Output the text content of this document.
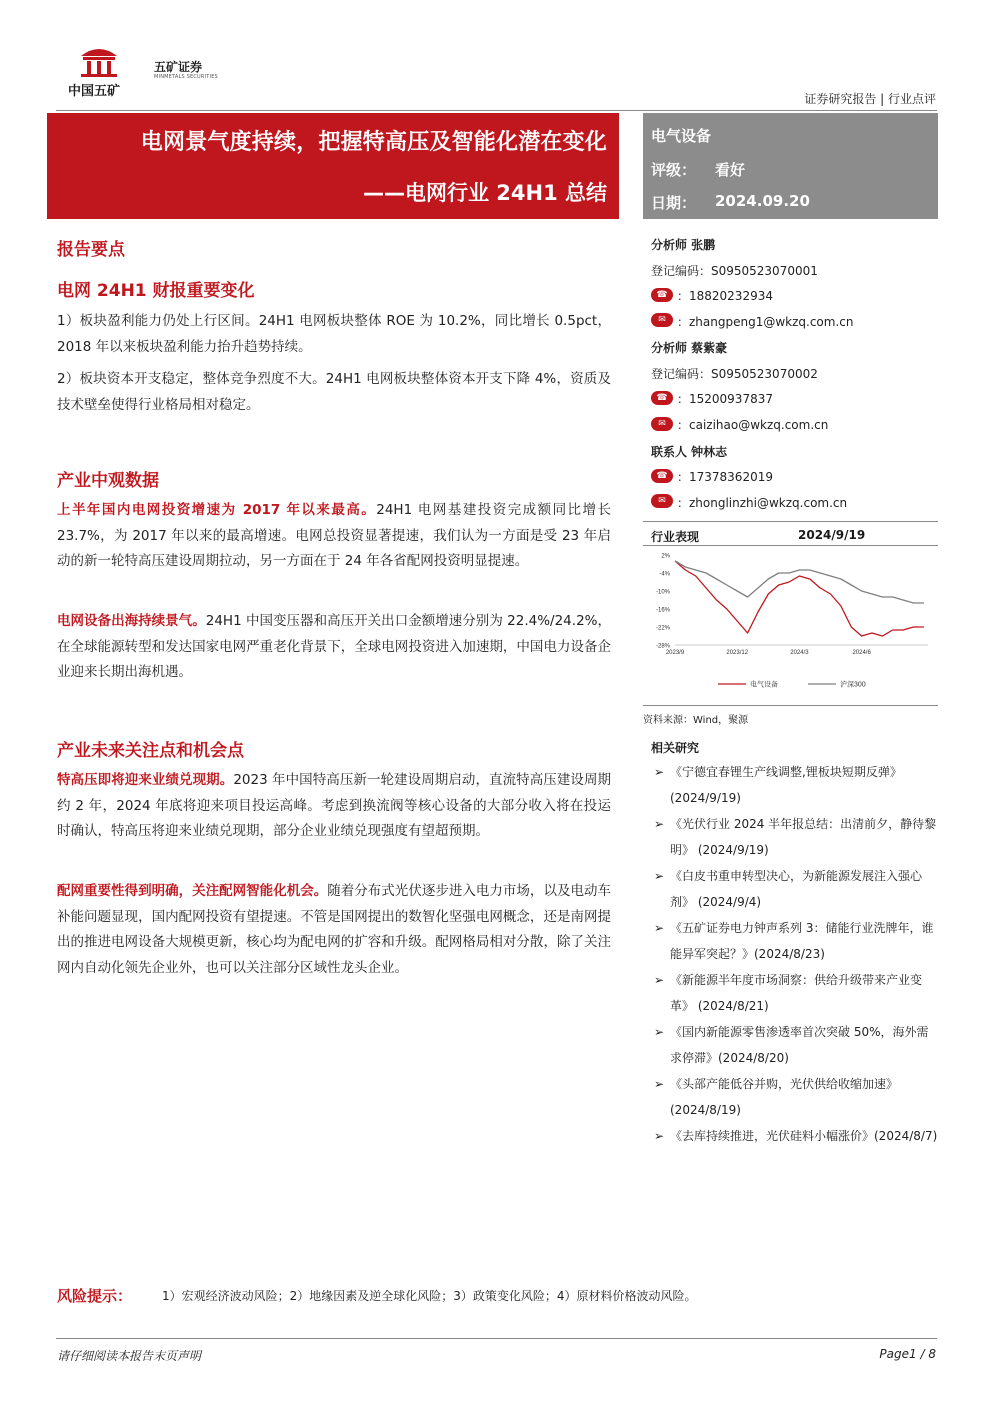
中国五矿
五矿证券
MINMETALS SECURITIES
证券研究报告 | 行业点评
电网景气度持续，把握特高压及智能化潜在变化
——电网行业 24H1 总结
电气设备
评级： 看好
日期： 2024.09.20
报告要点
电网 24H1 财报重要变化
1）板块盈利能力仍处上行区间。24H1 电网板块整体 ROE 为 10.2%，同比增长 0.5pct，2018 年以来板块盈利能力抬升趋势持续。
2）板块资本开支稳定，整体竞争烈度不大。24H1 电网板块整体资本开支下降 4%，资质及技术壁垒使得行业格局相对稳定。
产业中观数据
上半年国内电网投资增速为 2017 年以来最高。24H1 电网基建投资完成额同比增长 23.7%，为 2017 年以来的最高增速。电网总投资显著提速，我们认为一方面是受 23 年启动的新一轮特高压建设周期拉动，另一方面在于 24 年各省配网投资明显提速。
电网设备出海持续景气。24H1 中国变压器和高压开关出口金额增速分别为 22.4%/24.2%，在全球能源转型和发达国家电网严重老化背景下，全球电网投资进入加速期，中国电力设备企业迎来长期出海机遇。
产业未来关注点和机会点
特高压即将迎来业绩兑现期。2023 年中国特高压新一轮建设周期启动，直流特高压建设周期约 2 年，2024 年底将迎来项目投运高峰。考虑到换流阀等核心设备的大部分收入将在投运时确认，特高压将迎来业绩兑现期，部分企业业绩兑现强度有望超预期。
配网重要性得到明确，关注配网智能化机会。随着分布式光伏逐步进入电力市场，以及电动车补能问题显现，国内配网投资有望提速。不管是国网提出的数智化坚强电网概念，还是南网提出的推进电网设备大规模更新，核心均为配电网的扩容和升级。配网格局相对分散，除了关注网内自动化领先企业外，也可以关注部分区域性龙头企业。
分析师 张鹏
登记编码：S0950523070001
☎ ：18820232934
✉ ：zhangpeng1@wkzq.com.cn
分析师 蔡紫豪
登记编码：S0950523070002
☎ ：15200937837
✉ ：caizihao@wkzq.com.cn
联系人 钟林志
☎ ：17378362019
✉ ：zhonglinzhi@wkzq.com.cn
行业表现	2024/9/19
2%
-4%
-10%
-16%
-22%
-28%
2023/9	2023/12	2024/3	2024/6
电气设备	沪深300
资料来源：Wind，聚源
相关研究
➢ 《宁德宜春锂生产线调整,锂板块短期反弹》(2024/9/19)
➢ 《光伏行业 2024 半年报总结：出清前夕，静待黎明》 (2024/9/19)
➢ 《白皮书重申转型决心，为新能源发展注入强心剂》 (2024/9/4)
➢ 《五矿证券电力钟声系列 3：储能行业洗牌年，谁能异军突起？》(2024/8/23)
➢ 《新能源半年度市场洞察：供给升级带来产业变革》 (2024/8/21)
➢ 《国内新能源零售渗透率首次突破 50%，海外需求停滞》(2024/8/20)
➢ 《头部产能低谷并购，光伏供给收缩加速》(2024/8/19)
➢ 《去库持续推进，光伏硅料小幅涨价》(2024/8/7)
风险提示： 1）宏观经济波动风险；2）地缘因素及逆全球化风险；3）政策变化风险；4）原材料价格波动风险。
请仔细阅读本报告末页声明	Page 1 / 8
